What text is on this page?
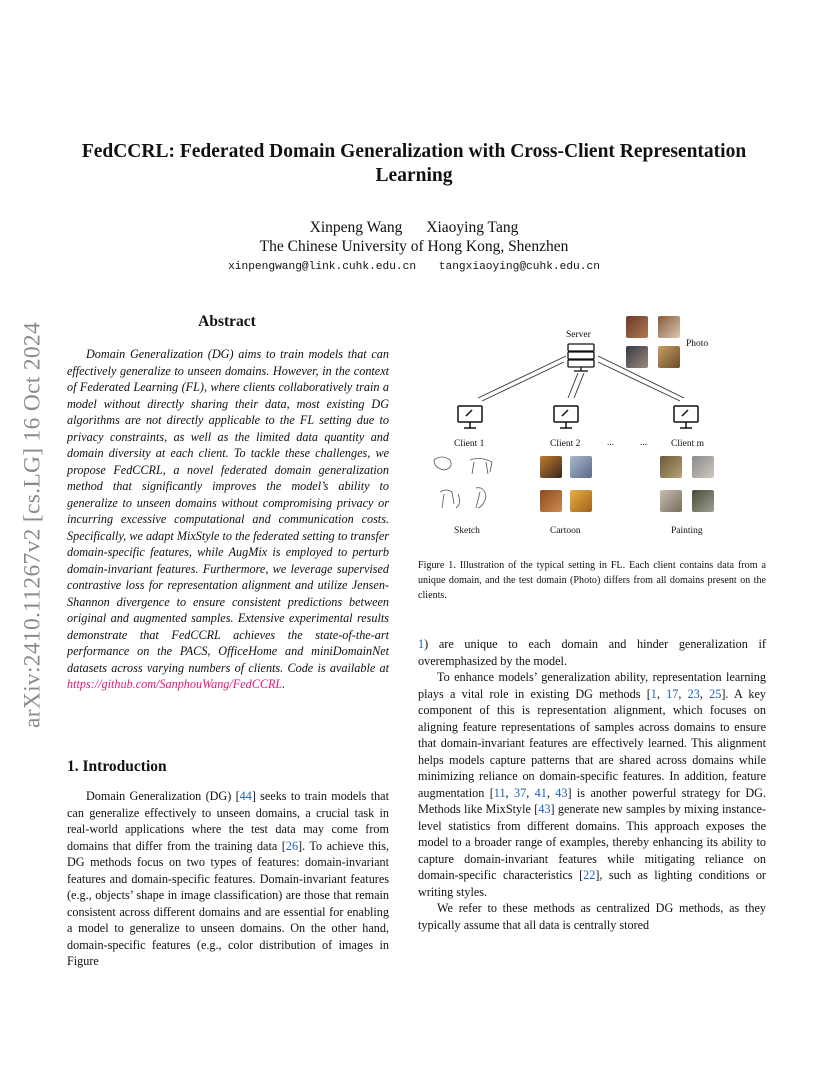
arXiv:2410.11267v2 [cs.LG] 16 Oct 2024
FedCCRL: Federated Domain Generalization with Cross-Client Representation Learning
Xinpeng Wang Xiaoying Tang
The Chinese University of Hong Kong, Shenzhen
xinpengwang@link.cuhk.edu.cn tangxiaoying@cuhk.edu.cn
Abstract

Domain Generalization (DG) aims to train models that can effectively generalize to unseen domains. However, in the context of Federated Learning (FL), where clients collaboratively train a model without directly sharing their data, most existing DG algorithms are not directly applicable to the FL setting due to privacy constraints, as well as the limited data quantity and domain diversity at each client. To tackle these challenges, we propose FedCCRL, a novel federated domain generalization method that significantly improves the model’s ability to generalize to unseen domains without compromising privacy or incurring excessive computational and communication costs. Specifically, we adapt MixStyle to the federated setting to transfer domain-specific features, while AugMix is employed to perturb domain-invariant features. Furthermore, we leverage supervised contrastive loss for representation alignment and utilize Jensen-Shannon divergence to ensure consistent predictions between original and augmented samples. Extensive experimental results demonstrate that FedCCRL achieves the state-of-the-art performance on the PACS, OfficeHome and miniDomainNet datasets across varying numbers of clients. Code is available at https://github.com/SanphouWang/FedCCRL.

1. Introduction

Domain Generalization (DG) [44] seeks to train models that can generalize effectively to unseen domains, a crucial task in real-world applications where the test data may come from domains that differ from the training data [26]. To achieve this, DG methods focus on two types of features: domain-invariant features and domain-specific features. Domain-invariant features (e.g., objects’ shape in image classification) are those that remain consistent across different domains and are essential for enabling a model to generalize to unseen domains. On the other hand, domain-specific features (e.g., color distribution of images in Figure

Server
Client 1	Client 2	...	...	Client m
Photo
Sketch	Cartoon	Painting

Figure 1. Illustration of the typical setting in FL. Each client contains data from a unique domain, and the test domain (Photo) differs from all domains present on the clients.

1) are unique to each domain and hinder generalization if overemphasized by the model.

To enhance models’ generalization ability, representation learning plays a vital role in existing DG methods [1, 17, 23, 25]. A key component of this is representation alignment, which focuses on aligning feature representations of samples across domains to ensure that domain-invariant features are effectively learned. This alignment helps models capture patterns that are shared across domains while minimizing reliance on domain-specific features. In addition, feature augmentation [11, 37, 41, 43] is another powerful strategy for DG. Methods like MixStyle [43] generate new samples by mixing instance-level statistics from different domains. This approach exposes the model to a broader range of examples, thereby enhancing its ability to capture domain-invariant features while mitigating reliance on domain-specific characteristics [22], such as lighting conditions or writing styles.

We refer to these methods as centralized DG methods, as they typically assume that all data is centrally stored
